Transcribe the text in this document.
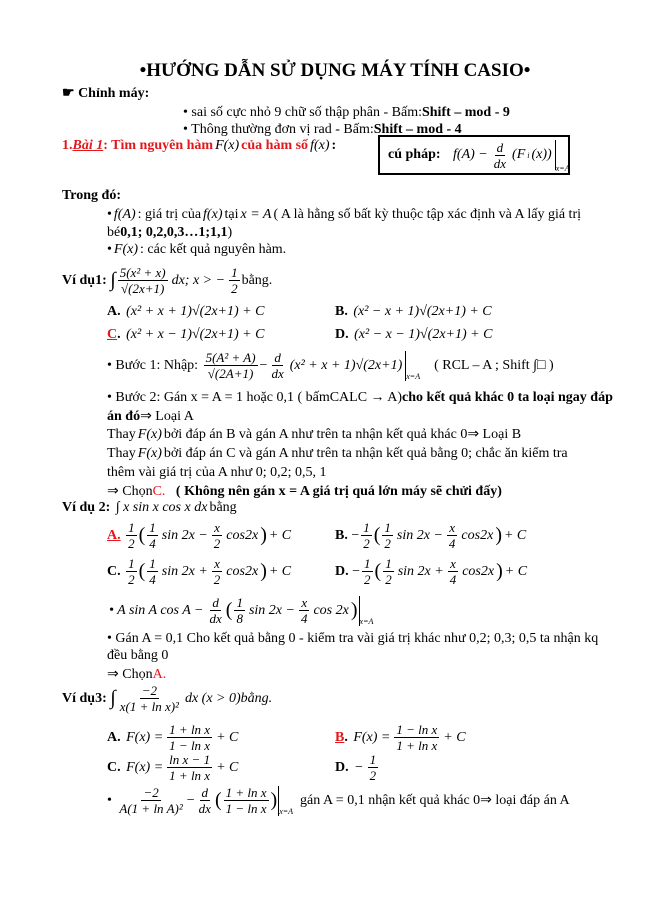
•HƯỚNG DẪN SỬ DỤNG MÁY TÍNH CASIO•
☛ Chỉnh máy:
• sai số cực nhỏ 9 chữ số thập phân - Bấm: Shift – mod - 9
• Thông thường đơn vị rad - Bấm: Shift – mod - 4
1. Bài 1 : Tìm nguyên hàm F(x) của hàm số f(x) :
cú pháp:
$f(A) - \frac{d}{dx} (F$ i (x))
x=A
Trong đó:
• f(A) : giá trị của f(x) tại x = A ( A là hằng số bất kỳ thuộc tập xác định và A lấy giá trị
bé 0,1; 0,2,0,3…1;1,1 )
• F(x) : các kết quả nguyên hàm.
Ví dụ1:
∫ $\frac{\text{5(x² + x)}}{√(2x+1)}$ dx; x > − $\frac{1}{2}$ bằng.
A.
(x² + x + 1)√(2x+1) + C	B.
(x² − x + 1)√(2x+1) + C
C .
(x² + x − 1)√(2x+1) + C	D.
(x² − x − 1)√(2x+1) + C
• Bước 1: Nhập:
$\frac{\text{5(A² + A)}}{√(2A+1)} - \frac{d}{dx} (x^2 + x + 1)√(2x+1)$
x=A

( RCL – A ; Shift ∫□ )
• Bước 2: Gán x = A = 1 hoặc 0,1 ( bấmCALC → A) cho kết quả khác 0 ta loại ngay đáp
án đó ⇒ Loại A
Thay F(x) bởi đáp án B và gán A như trên ta nhận kết quả khác 0⇒ Loại B
Thay F(x) bởi đáp án C và gán A như trên ta nhận kết quả bằng 0; chắc ăn kiểm tra
thêm vài giá trị của A như 0; 0,2; 0,5, 1
⇒ Chọn C.
( Không nên gán x = A giá trị quá lớn máy sẽ chửi đấy)
Ví dụ 2:
∫ x sin x cos x dx bằng
A.
$\frac{1}{2}$ ( $\frac{1}{4}$ $\sin 2x - \frac{x}{2} \cos 2x$ ) + C	B.
− $\frac{1}{2}$ ( $\frac{1}{2}$ $\sin 2x - \frac{x}{4} \cos 2x$ ) + C
C.
$\frac{1}{2}$ ( $\frac{1}{4}$ $\sin 2x + \frac{x}{2} \cos 2x$ ) + C	D.
− $\frac{1}{2}$ ( $\frac{1}{2}$ $\sin 2x + \frac{x}{4} \cos 2x$ ) + C
• A sin A $\cos A - \frac{d}{dx}$ ( $\frac{1}{8}$ $\sin 2x - \frac{x}{4}$ cos 2x )
x=A
• Gán A = 0,1 Cho kết quả bằng 0 - kiểm tra vài giá trị khác như 0,2; 0,3; 0,5 ta nhận kq
đều bằng 0
⇒ Chọn A.
Ví dụ3:
∫ $\frac{-2}{\text{x(1 + ln x)²}}$ dx (x > 0)bằng.
A.
$F(x) = \frac{\text{1 + ln x}}{\text{1 − ln x}} + C$	B .
$F(x) = \frac{\text{1 − ln x}}{\text{1 + ln x}} + C$
C.
$F(x) = \frac{\text{ln x − 1}}{\text{1 + ln x}} + C$	D.
− $\frac{1}{2}$
• $\frac{-2}{\text{A(1 + ln A)²}} - \frac{d}{dx}$ ( $\frac{\text{1 + ln x}}{\text{1 − ln x}}$ )
x=A

gán A = 0,1 nhận kết quả khác 0⇒ loại đáp án A
